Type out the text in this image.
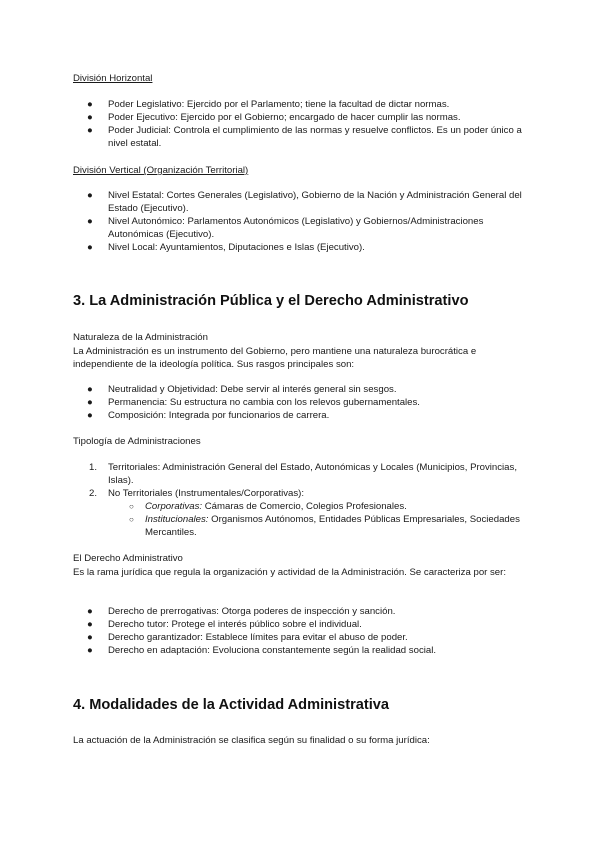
División Horizontal

● Poder Legislativo: Ejercido por el Parlamento; tiene la facultad de dictar normas.
● Poder Ejecutivo: Ejercido por el Gobierno; encargado de hacer cumplir las normas.
● Poder Judicial: Controla el cumplimiento de las normas y resuelve conflictos. Es un poder único a nivel estatal.

División Vertical (Organización Territorial)

● Nivel Estatal: Cortes Generales (Legislativo), Gobierno de la Nación y Administración General del Estado (Ejecutivo).
● Nivel Autonómico: Parlamentos Autonómicos (Legislativo) y Gobiernos/Administraciones Autonómicas (Ejecutivo).
● Nivel Local: Ayuntamientos, Diputaciones e Islas (Ejecutivo).
3. La Administración Pública y el Derecho Administrativo

Naturaleza de la Administración

La Administración es un instrumento del Gobierno, pero mantiene una naturaleza burocrática e independiente de la ideología política. Sus rasgos principales son:

● Neutralidad y Objetividad: Debe servir al interés general sin sesgos.
● Permanencia: Su estructura no cambia con los relevos gubernamentales.
● Composición: Integrada por funcionarios de carrera.

Tipología de Administraciones

1. Territoriales: Administración General del Estado, Autonómicas y Locales (Municipios, Provincias, Islas).
2. No Territoriales (Instrumentales/Corporativas):
○ Corporativas: Cámaras de Comercio, Colegios Profesionales.
○ Institucionales: Organismos Autónomos, Entidades Públicas Empresariales, Sociedades Mercantiles.

El Derecho Administrativo

Es la rama jurídica que regula la organización y actividad de la Administración. Se caracteriza por ser:

● Derecho de prerrogativas: Otorga poderes de inspección y sanción.
● Derecho tutor: Protege el interés público sobre el individual.
● Derecho garantizador: Establece límites para evitar el abuso de poder.
● Derecho en adaptación: Evoluciona constantemente según la realidad social.
4. Modalidades de la Actividad Administrativa

La actuación de la Administración se clasifica según su finalidad o su forma jurídica:
